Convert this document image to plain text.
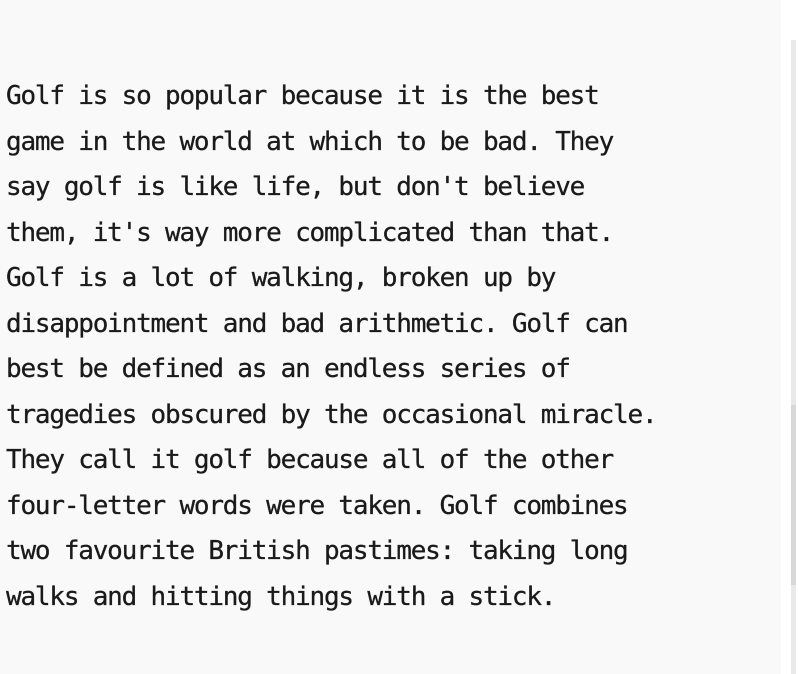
Golf is so popular because it is the best
game in the world at which to be bad. They
say golf is like life, but don't believe
them, it's way more complicated than that.
Golf is a lot of walking, broken up by
disappointment and bad arithmetic. Golf can
best be defined as an endless series of
tragedies obscured by the occasional miracle.
They call it golf because all of the other
four-letter words were taken. Golf combines
two favourite British pastimes: taking long
walks and hitting things with a stick.
